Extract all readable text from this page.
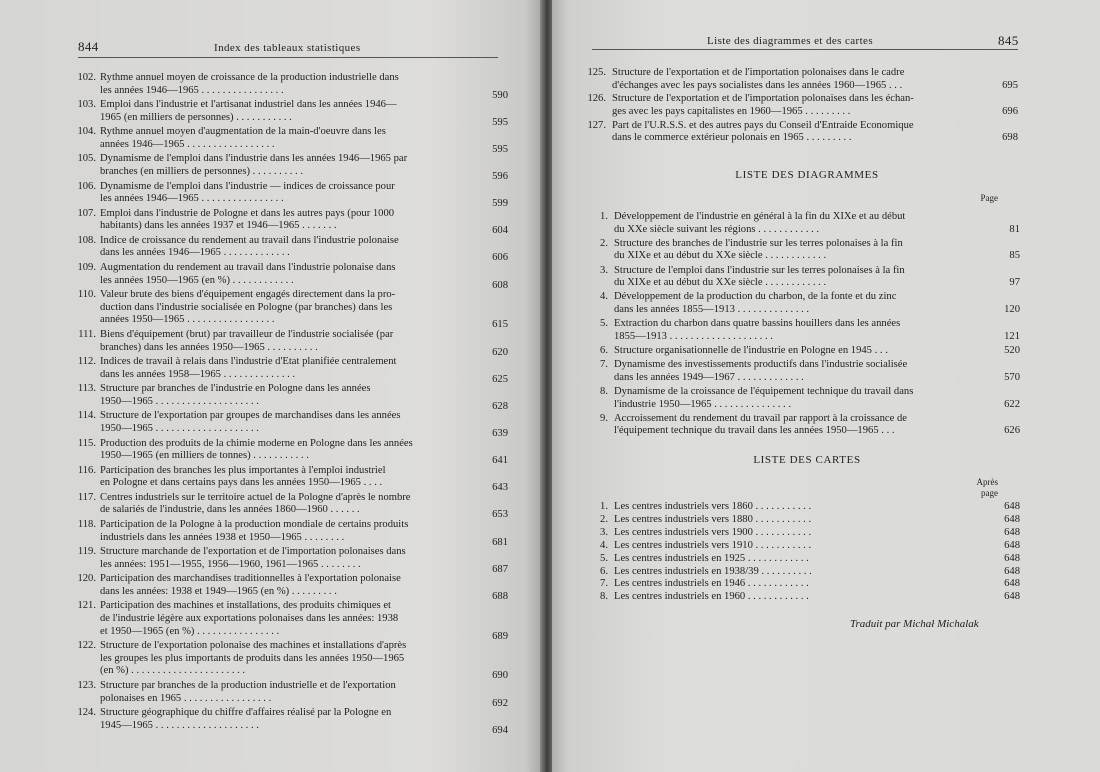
844	Index des tableaux statistiques
102. Rythme annuel moyen de croissance de la production industrielle dans
les années 1946—1965 . . . . . . . . . . . . . . . .	590
103. Emploi dans l'industrie et l'artisanat industriel dans les années 1946—
1965 (en milliers de personnes) . . . . . . . . . . .	595
104. Rythme annuel moyen d'augmentation de la main-d'oeuvre dans les
années 1946—1965 . . . . . . . . . . . . . . . . .	595
105. Dynamisme de l'emploi dans l'industrie dans les années 1946—1965 par
branches (en milliers de personnes) . . . . . . . . . .	596
106. Dynamisme de l'emploi dans l'industrie — indices de croissance pour
les années 1946—1965 . . . . . . . . . . . . . . . .	599
107. Emploi dans l'industrie de Pologne et dans les autres pays (pour 1000
habitants) dans les années 1937 et 1946—1965 . . . . . . .	604
108. Indice de croissance du rendement au travail dans l'industrie polonaise
dans les années 1946—1965 . . . . . . . . . . . . .	606
109. Augmentation du rendement au travail dans l'industrie polonaise dans
les années 1950—1965 (en %) . . . . . . . . . . . .	608
110. Valeur brute des biens d'équipement engagés directement dans la pro-
duction dans l'industrie socialisée en Pologne (par branches) dans les
années 1950—1965 . . . . . . . . . . . . . . . . .	615
111. Biens d'équipement (brut) par travailleur de l'industrie socialisée (par
branches) dans les années 1950—1965 . . . . . . . . . .	620
112. Indices de travail à relais dans l'industrie d'Etat planifiée centralement
dans les années 1958—1965 . . . . . . . . . . . . . .	625
113. Structure par branches de l'industrie en Pologne dans les années
1950—1965 . . . . . . . . . . . . . . . . . . . .	628
114. Structure de l'exportation par groupes de marchandises dans les années
1950—1965 . . . . . . . . . . . . . . . . . . . .	639
115. Production des produits de la chimie moderne en Pologne dans les années
1950—1965 (en milliers de tonnes) . . . . . . . . . . .	641
116. Participation des branches les plus importantes à l'emploi industriel
en Pologne et dans certains pays dans les années 1950—1965 . . . .	643
117. Centres industriels sur le territoire actuel de la Pologne d'après le nombre
de salariés de l'industrie, dans les années 1860—1960 . . . . . .	653
118. Participation de la Pologne à la production mondiale de certains produits
industriels dans les années 1938 et 1950—1965 . . . . . . . .	681
119. Structure marchande de l'exportation et de l'importation polonaises dans
les années: 1951—1955, 1956—1960, 1961—1965 . . . . . . . .	687
120. Participation des marchandises traditionnelles à l'exportation polonaise
dans les années: 1938 et 1949—1965 (en %) . . . . . . . . .	688
121. Participation des machines et installations, des produits chimiques et
de l'industrie légère aux exportations polonaises dans les années: 1938
et 1950—1965 (en %) . . . . . . . . . . . . . . . .	689
122. Structure de l'exportation polonaise des machines et installations d'après
les groupes les plus importants de produits dans les années 1950—1965
(en %) . . . . . . . . . . . . . . . . . . . . . .	690
123. Structure par branches de la production industrielle et de l'exportation
polonaises en 1965 . . . . . . . . . . . . . . . . .	692
124. Structure géographique du chiffre d'affaires réalisé par la Pologne en
1945—1965 . . . . . . . . . . . . . . . . . . . .	694
Liste des diagrammes et des cartes	845
125. Structure de l'exportation et de l'importation polonaises dans le cadre
d'échanges avec les pays socialistes dans les années 1960—1965 . . .	695
126. Structure de l'exportation et de l'importation polonaises dans les échan-
ges avec les pays capitalistes en 1960—1965 . . . . . . . . .	696
127. Part de l'U.R.S.S. et des autres pays du Conseil d'Entraide Economique
dans le commerce extérieur polonais en 1965 . . . . . . . . .	698
LISTE DES DIAGRAMMES
Page
1. Développement de l'industrie en général à la fin du XIXe et au début
du XXe siècle suivant les régions . . . . . . . . . . . .	81
2. Structure des branches de l'industrie sur les terres polonaises à la fin
du XIXe et au début du XXe siècle . . . . . . . . . . . .	85
3. Structure de l'emploi dans l'industrie sur les terres polonaises à la fin
du XIXe et au début du XXe siècle . . . . . . . . . . . .	97
4. Développement de la production du charbon, de la fonte et du zinc
dans les années 1855—1913 . . . . . . . . . . . . . .	120
5. Extraction du charbon dans quatre bassins houillers dans les années
1855—1913 . . . . . . . . . . . . . . . . . . . .	121
6. Structure organisationnelle de l'industrie en Pologne en 1945 . . .	520
7. Dynamisme des investissements productifs dans l'industrie socialisée
dans les années 1949—1967 . . . . . . . . . . . . .	570
8. Dynamisme de la croissance de l'équipement technique du travail dans
l'industrie 1950—1965 . . . . . . . . . . . . . . .	622
9. Accroissement du rendement du travail par rapport à la croissance de
l'équipement technique du travail dans les années 1950—1965 . . .	626
LISTE DES CARTES
Après
page
1. Les centres industriels vers 1860 . . . . . . . . . . .	648
2. Les centres industriels vers 1880 . . . . . . . . . . .	648
3. Les centres industriels vers 1900 . . . . . . . . . . .	648
4. Les centres industriels vers 1910 . . . . . . . . . . .	648
5. Les centres industriels en 1925 . . . . . . . . . . . .	648
6. Les centres industriels en 1938/39 . . . . . . . . . .	648
7. Les centres industriels en 1946 . . . . . . . . . . . .	648
8. Les centres industriels en 1960 . . . . . . . . . . . .	648
Traduit par Michał Michalak
